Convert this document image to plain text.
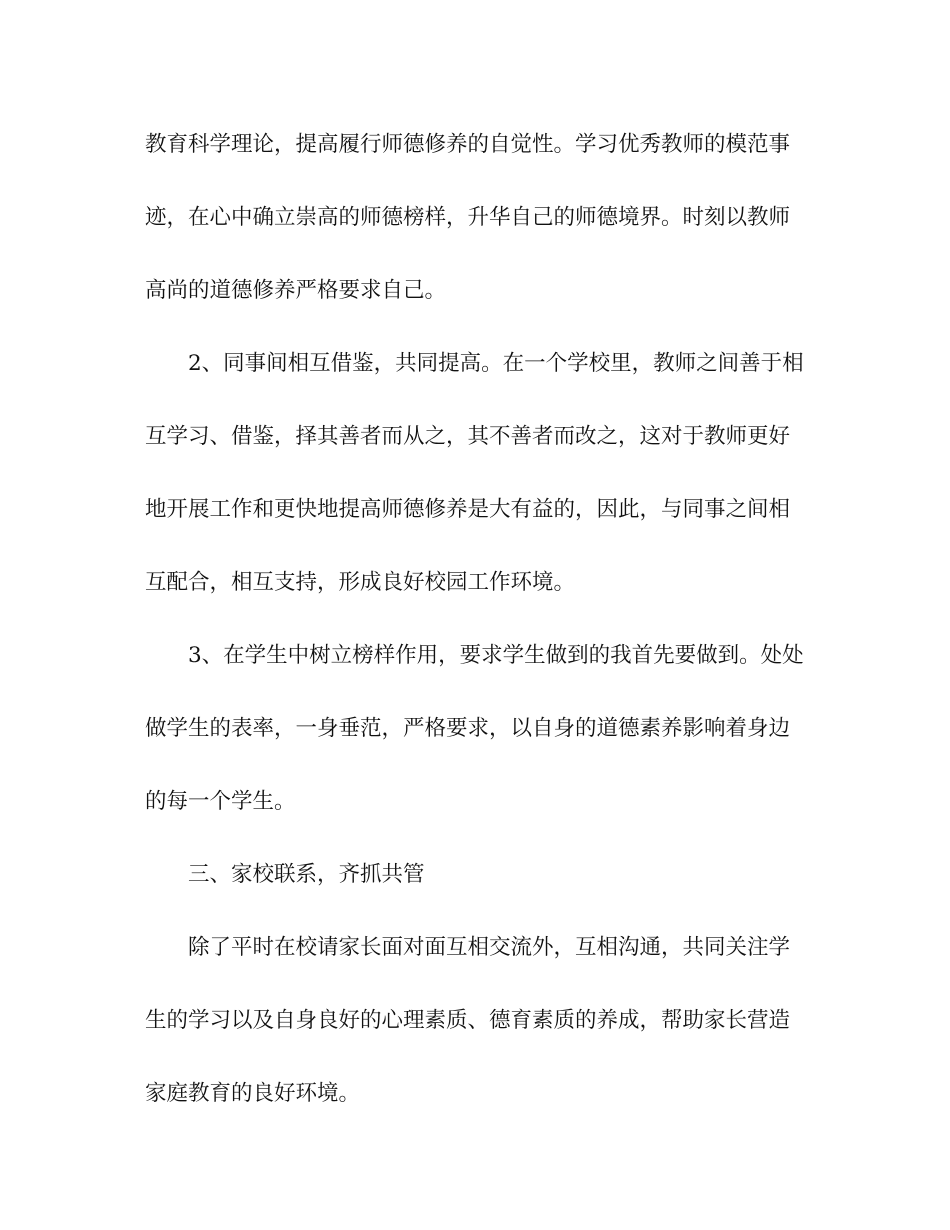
教育科学理论，提高履行师德修养的自觉性。学习优秀教师的模范事
迹，在心中确立崇高的师德榜样，升华自己的师德境界。时刻以教师
高尚的道德修养严格要求自己。
2、同事间相互借鉴，共同提高。在一个学校里，教师之间善于相
互学习、借鉴，择其善者而从之，其不善者而改之，这对于教师更好
地开展工作和更快地提高师德修养是大有益的，因此，与同事之间相
互配合，相互支持，形成良好校园工作环境。
3、在学生中树立榜样作用，要求学生做到的我首先要做到。处处
做学生的表率，一身垂范，严格要求，以自身的道德素养影响着身边
的每一个学生。
三、家校联系，齐抓共管
除了平时在校请家长面对面互相交流外，互相沟通，共同关注学
生的学习以及自身良好的心理素质、德育素质的养成，帮助家长营造
家庭教育的良好环境。
